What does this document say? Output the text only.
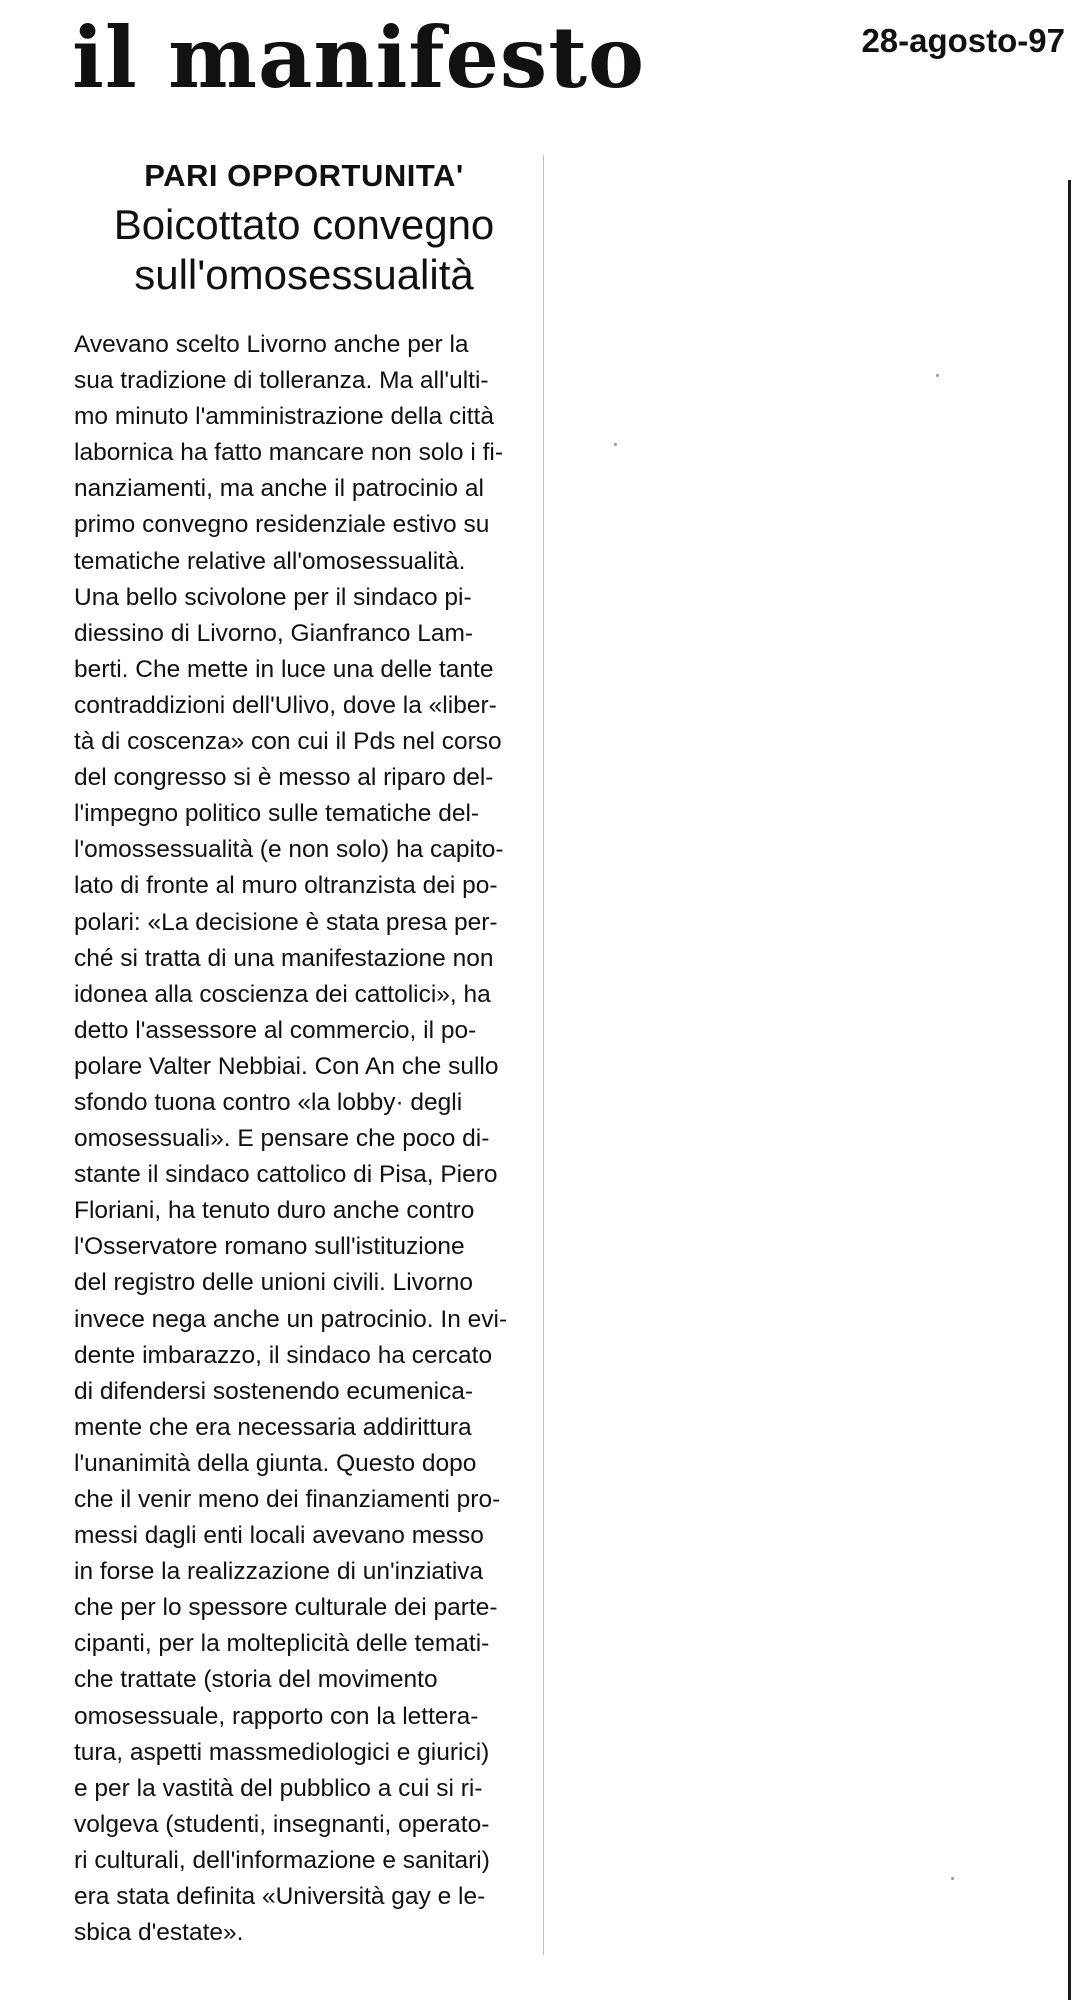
il manifesto	28-agosto-97
PARI OPPORTUNITA'
Boicottato convegno
sull'omosessualità
Avevano scelto Livorno anche per la
sua tradizione di tolleranza. Ma all'ulti-
mo minuto l'amministrazione della città
labornica ha fatto mancare non solo i fi-
nanziamenti, ma anche il patrocinio al
primo convegno residenziale estivo su
tematiche relative all'omosessualità.
Una bello scivolone per il sindaco pi-
diessino di Livorno, Gianfranco Lam-
berti. Che mette in luce una delle tante
contraddizioni dell'Ulivo, dove la «liber-
tà di coscenza» con cui il Pds nel corso
del congresso si è messo al riparo del-
l'impegno politico sulle tematiche del-
l'omossessualità (e non solo) ha capito-
lato di fronte al muro oltranzista dei po-
polari: «La decisione è stata presa per-
ché si tratta di una manifestazione non
idonea alla coscienza dei cattolici», ha
detto l'assessore al commercio, il po-
polare Valter Nebbiai. Con An che sullo
sfondo tuona contro «la lobby· degli
omosessuali». E pensare che poco di-
stante il sindaco cattolico di Pisa, Piero
Floriani, ha tenuto duro anche contro
l'Osservatore romano sull'istituzione
del registro delle unioni civili. Livorno
invece nega anche un patrocinio. In evi-
dente imbarazzo, il sindaco ha cercato
di difendersi sostenendo ecumenica-
mente che era necessaria addirittura
l'unanimità della giunta. Questo dopo
che il venir meno dei finanziamenti pro-
messi dagli enti locali avevano messo
in forse la realizzazione di un'inziativa
che per lo spessore culturale dei parte-
cipanti, per la molteplicità delle temati-
che trattate (storia del movimento
omosessuale, rapporto con la lettera-
tura, aspetti massmediologici e giurici)
e per la vastità del pubblico a cui si ri-
volgeva (studenti, insegnanti, operato-
ri culturali, dell'informazione e sanitari)
era stata definita «Università gay e le-
sbica d'estate».
